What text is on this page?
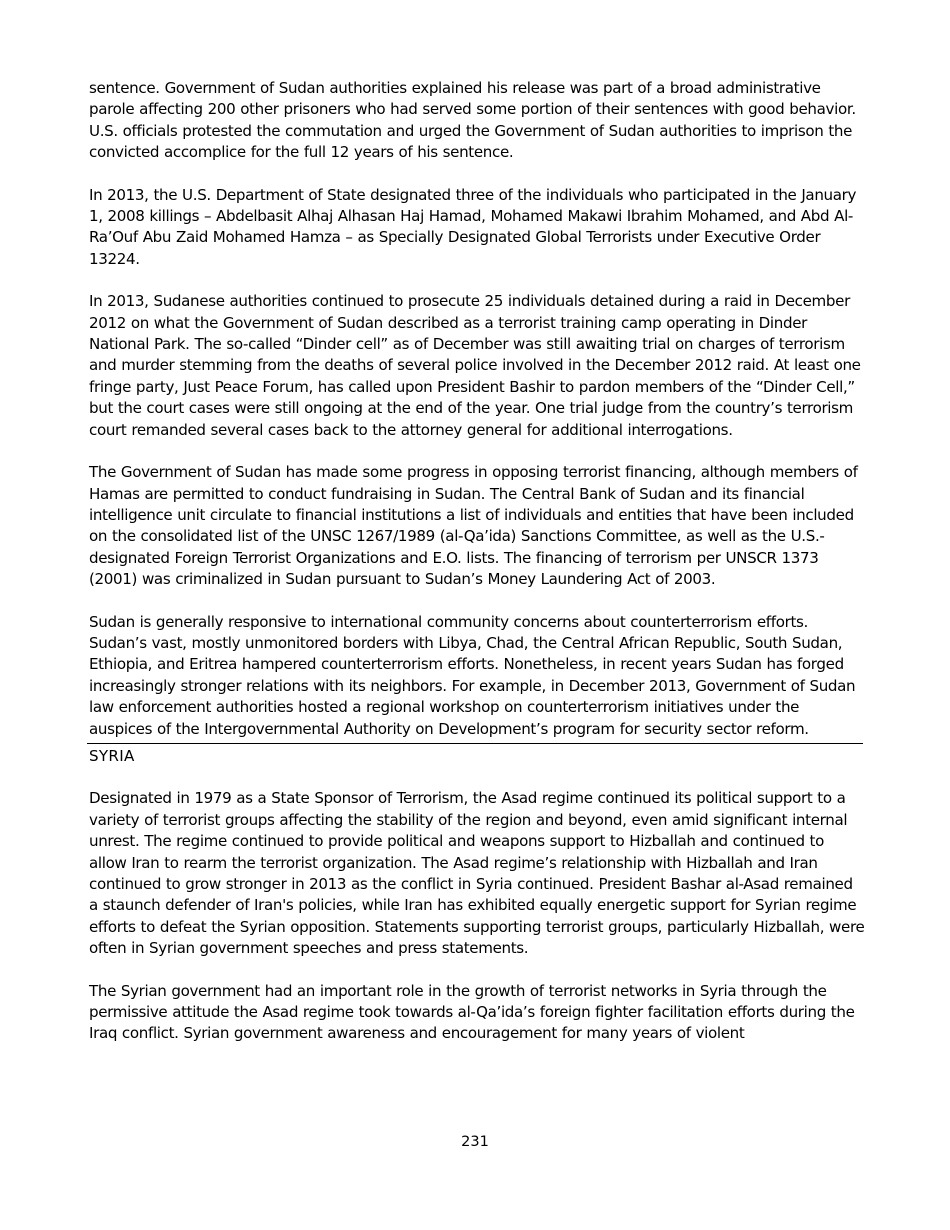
sentence. Government of Sudan authorities explained his release was part of a broad administrative parole affecting 200 other prisoners who had served some portion of their sentences with good behavior. U.S. officials protested the commutation and urged the Government of Sudan authorities to imprison the convicted accomplice for the full 12 years of his sentence.

In 2013, the U.S. Department of State designated three of the individuals who participated in the January 1, 2008 killings – Abdelbasit Alhaj Alhasan Haj Hamad, Mohamed Makawi Ibrahim Mohamed, and Abd Al-Ra’Ouf Abu Zaid Mohamed Hamza – as Specially Designated Global Terrorists under Executive Order 13224.

In 2013, Sudanese authorities continued to prosecute 25 individuals detained during a raid in December 2012 on what the Government of Sudan described as a terrorist training camp operating in Dinder National Park. The so-called “Dinder cell” as of December was still awaiting trial on charges of terrorism and murder stemming from the deaths of several police involved in the December 2012 raid. At least one fringe party, Just Peace Forum, has called upon President Bashir to pardon members of the “Dinder Cell,” but the court cases were still ongoing at the end of the year. One trial judge from the country’s terrorism court remanded several cases back to the attorney general for additional interrogations.

The Government of Sudan has made some progress in opposing terrorist financing, although members of Hamas are permitted to conduct fundraising in Sudan. The Central Bank of Sudan and its financial intelligence unit circulate to financial institutions a list of individuals and entities that have been included on the consolidated list of the UNSC 1267/1989 (al-Qa’ida) Sanctions Committee, as well as the U.S.-designated Foreign Terrorist Organizations and E.O. lists. The financing of terrorism per UNSCR 1373 (2001) was criminalized in Sudan pursuant to Sudan’s Money Laundering Act of 2003.

Sudan is generally responsive to international community concerns about counterterrorism efforts. Sudan’s vast, mostly unmonitored borders with Libya, Chad, the Central African Republic, South Sudan, Ethiopia, and Eritrea hampered counterterrorism efforts. Nonetheless, in recent years Sudan has forged increasingly stronger relations with its neighbors. For example, in December 2013, Government of Sudan law enforcement authorities hosted a regional workshop on counterterrorism initiatives under the auspices of the Intergovernmental Authority on Development’s program for security sector reform.

SYRIA

Designated in 1979 as a State Sponsor of Terrorism, the Asad regime continued its political support to a variety of terrorist groups affecting the stability of the region and beyond, even amid significant internal unrest. The regime continued to provide political and weapons support to Hizballah and continued to allow Iran to rearm the terrorist organization. The Asad regime’s relationship with Hizballah and Iran continued to grow stronger in 2013 as the conflict in Syria continued. President Bashar al-Asad remained a staunch defender of Iran's policies, while Iran has exhibited equally energetic support for Syrian regime efforts to defeat the Syrian opposition. Statements supporting terrorist groups, particularly Hizballah, were often in Syrian government speeches and press statements.

The Syrian government had an important role in the growth of terrorist networks in Syria through the permissive attitude the Asad regime took towards al-Qa’ida’s foreign fighter facilitation efforts during the Iraq conflict. Syrian government awareness and encouragement for many years of violent

231
